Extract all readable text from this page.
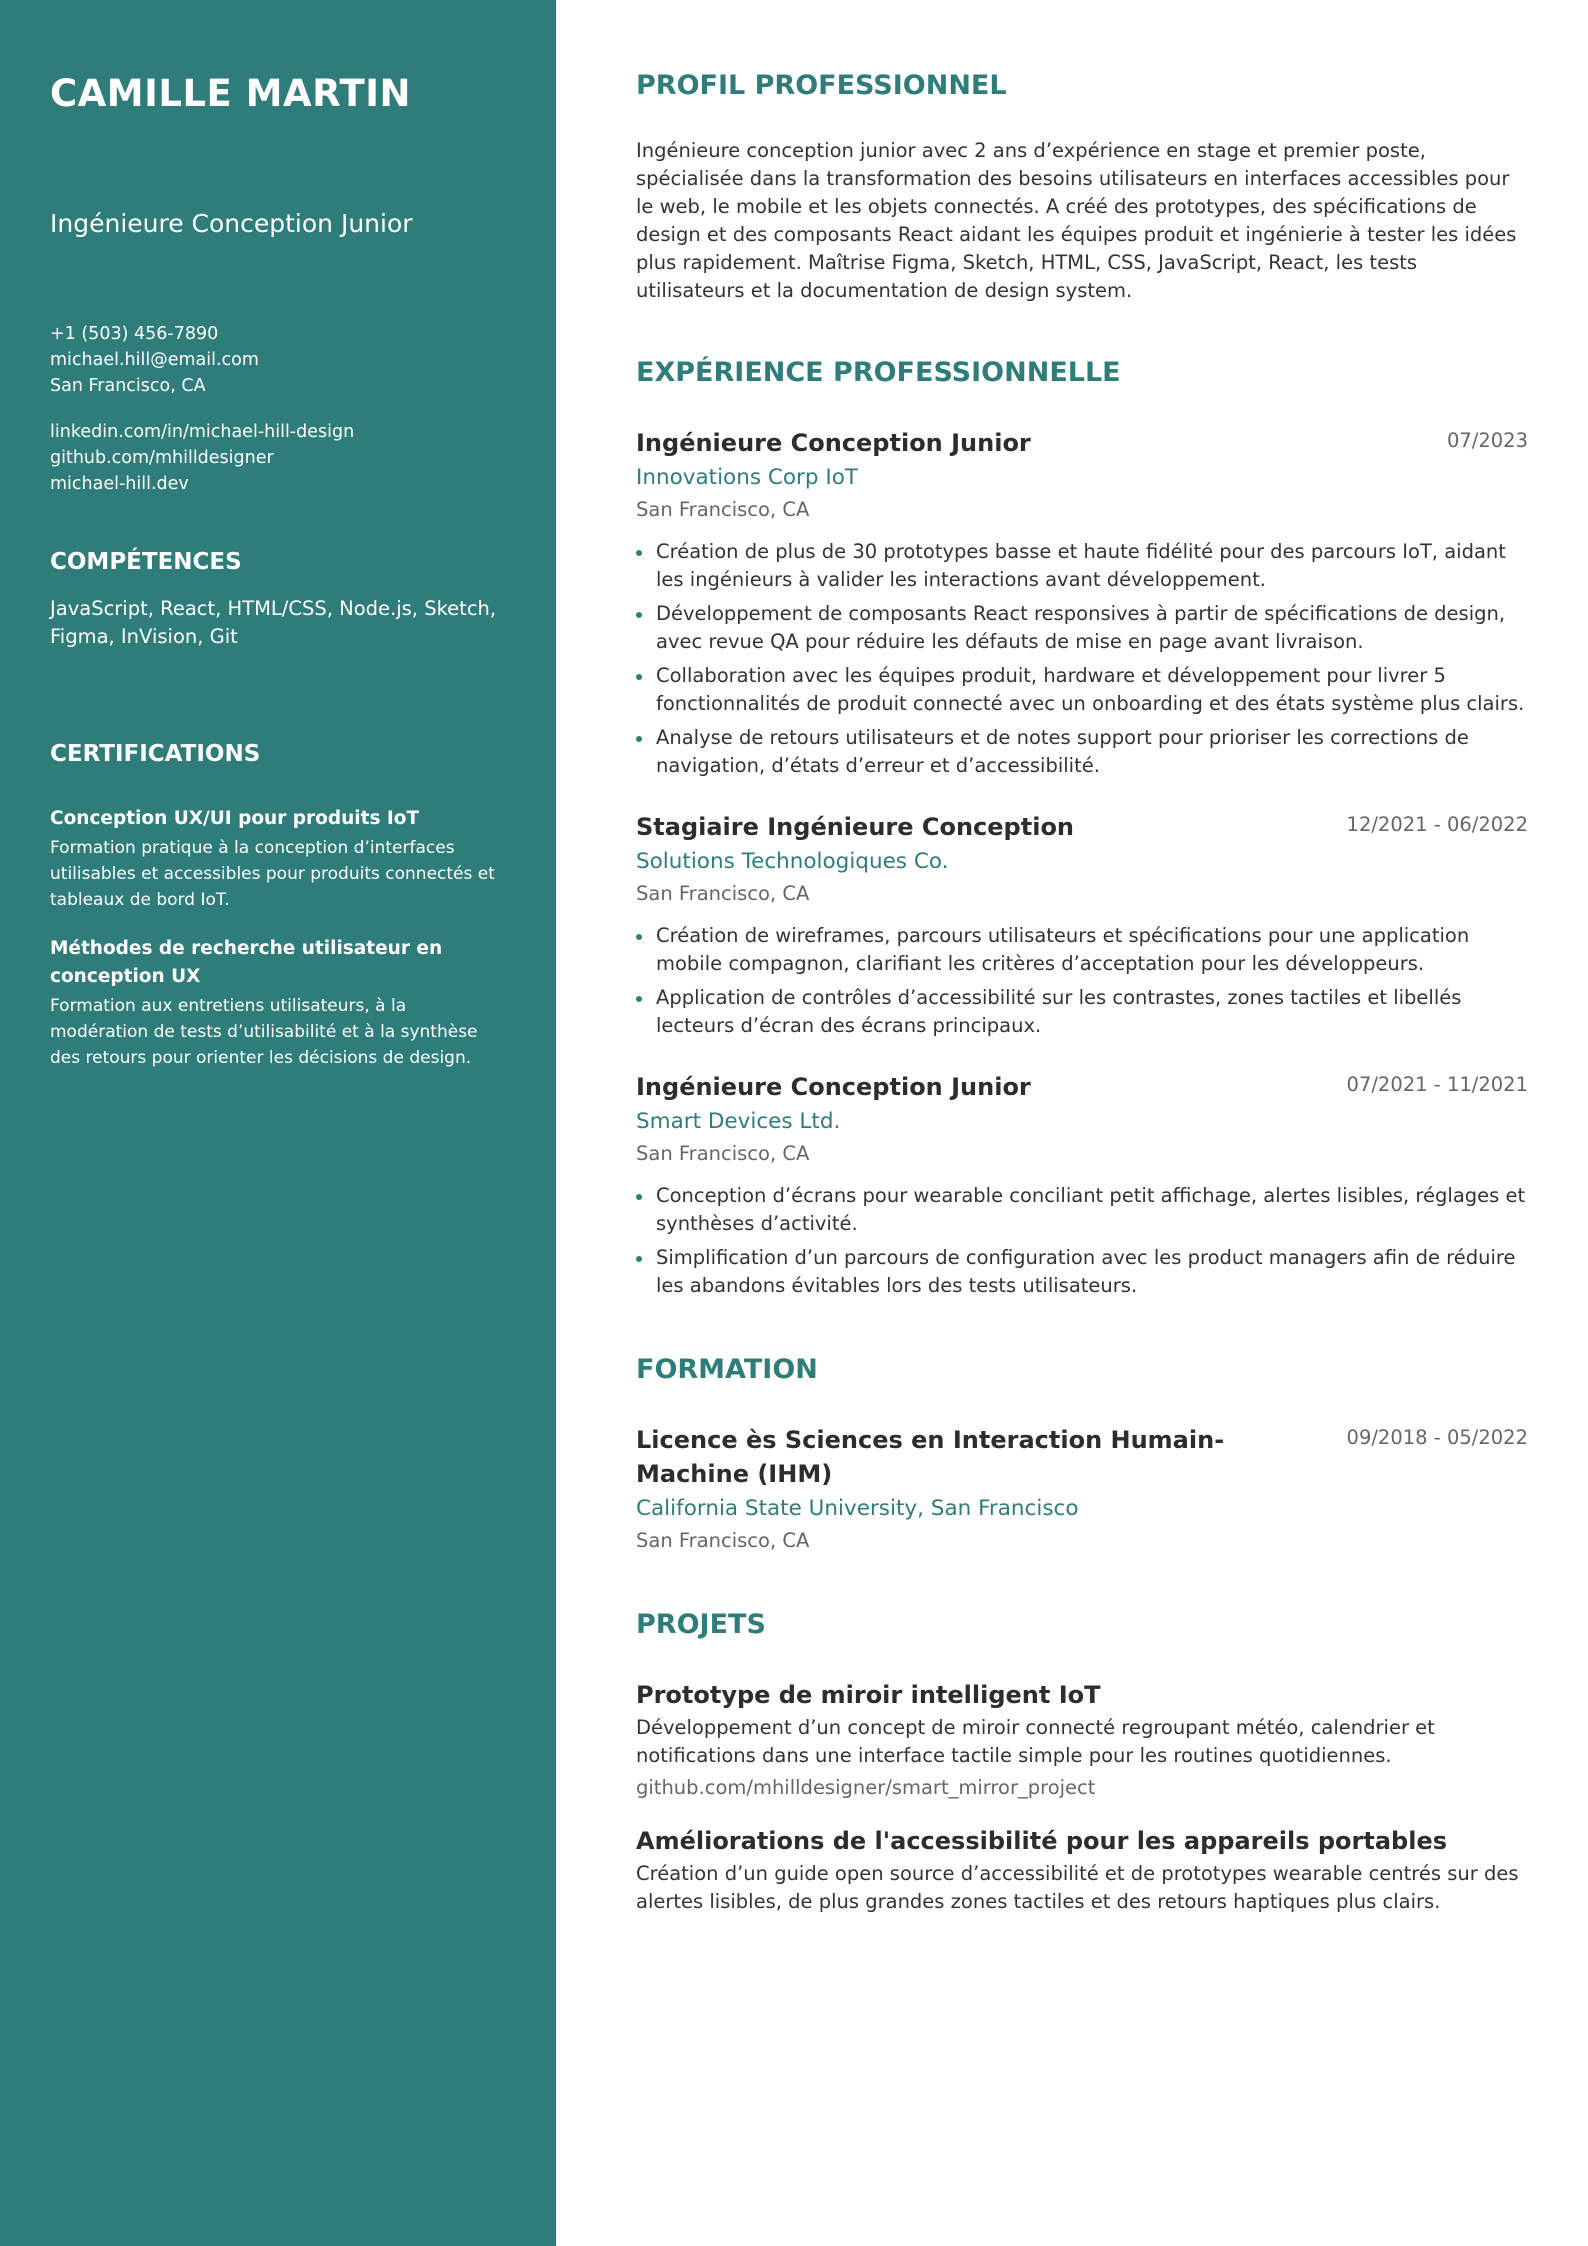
CAMILLE MARTIN
Ingénieure Conception Junior
+1 (503) 456-7890
michael.hill@email.com
San Francisco, CA
linkedin.com/in/michael-hill-design
github.com/mhilldesigner
michael-hill.dev
COMPÉTENCES
JavaScript, React, HTML/CSS, Node.js, Sketch, Figma, InVision, Git
CERTIFICATIONS
Conception UX/UI pour produits IoT
Formation pratique à la conception d’interfaces utilisables et accessibles pour produits connectés et tableaux de bord IoT.
Méthodes de recherche utilisateur en conception UX
Formation aux entretiens utilisateurs, à la modération de tests d’utilisabilité et à la synthèse des retours pour orienter les décisions de design.
PROFIL PROFESSIONNEL
Ingénieure conception junior avec 2 ans d’expérience en stage et premier poste, spécialisée dans la transformation des besoins utilisateurs en interfaces accessibles pour le web, le mobile et les objets connectés. A créé des prototypes, des spécifications de design et des composants React aidant les équipes produit et ingénierie à tester les idées plus rapidement. Maîtrise Figma, Sketch, HTML, CSS, JavaScript, React, les tests utilisateurs et la documentation de design system.
EXPÉRIENCE PROFESSIONNELLE
Ingénieure Conception Junior	07/2023
Innovations Corp IoT
San Francisco, CA
Création de plus de 30 prototypes basse et haute fidélité pour des parcours IoT, aidant les ingénieurs à valider les interactions avant développement.
Développement de composants React responsives à partir de spécifications de design, avec revue QA pour réduire les défauts de mise en page avant livraison.
Collaboration avec les équipes produit, hardware et développement pour livrer 5 fonctionnalités de produit connecté avec un onboarding et des états système plus clairs.
Analyse de retours utilisateurs et de notes support pour prioriser les corrections de navigation, d’états d’erreur et d’accessibilité.
Stagiaire Ingénieure Conception	12/2021 - 06/2022
Solutions Technologiques Co.
San Francisco, CA
Création de wireframes, parcours utilisateurs et spécifications pour une application mobile compagnon, clarifiant les critères d’acceptation pour les développeurs.
Application de contrôles d’accessibilité sur les contrastes, zones tactiles et libellés lecteurs d’écran des écrans principaux.
Ingénieure Conception Junior	07/2021 - 11/2021
Smart Devices Ltd.
San Francisco, CA
Conception d’écrans pour wearable conciliant petit affichage, alertes lisibles, réglages et synthèses d’activité.
Simplification d’un parcours de configuration avec les product managers afin de réduire les abandons évitables lors des tests utilisateurs.
FORMATION
Licence ès Sciences en Interaction Humain-Machine (IHM)
09/2018 - 05/2022
California State University, San Francisco
San Francisco, CA
PROJETS
Prototype de miroir intelligent IoT
Développement d’un concept de miroir connecté regroupant météo, calendrier et notifications dans une interface tactile simple pour les routines quotidiennes.
github.com/mhilldesigner/smart_mirror_project
Améliorations de l'accessibilité pour les appareils portables
Création d’un guide open source d’accessibilité et de prototypes wearable centrés sur des alertes lisibles, de plus grandes zones tactiles et des retours haptiques plus clairs.
